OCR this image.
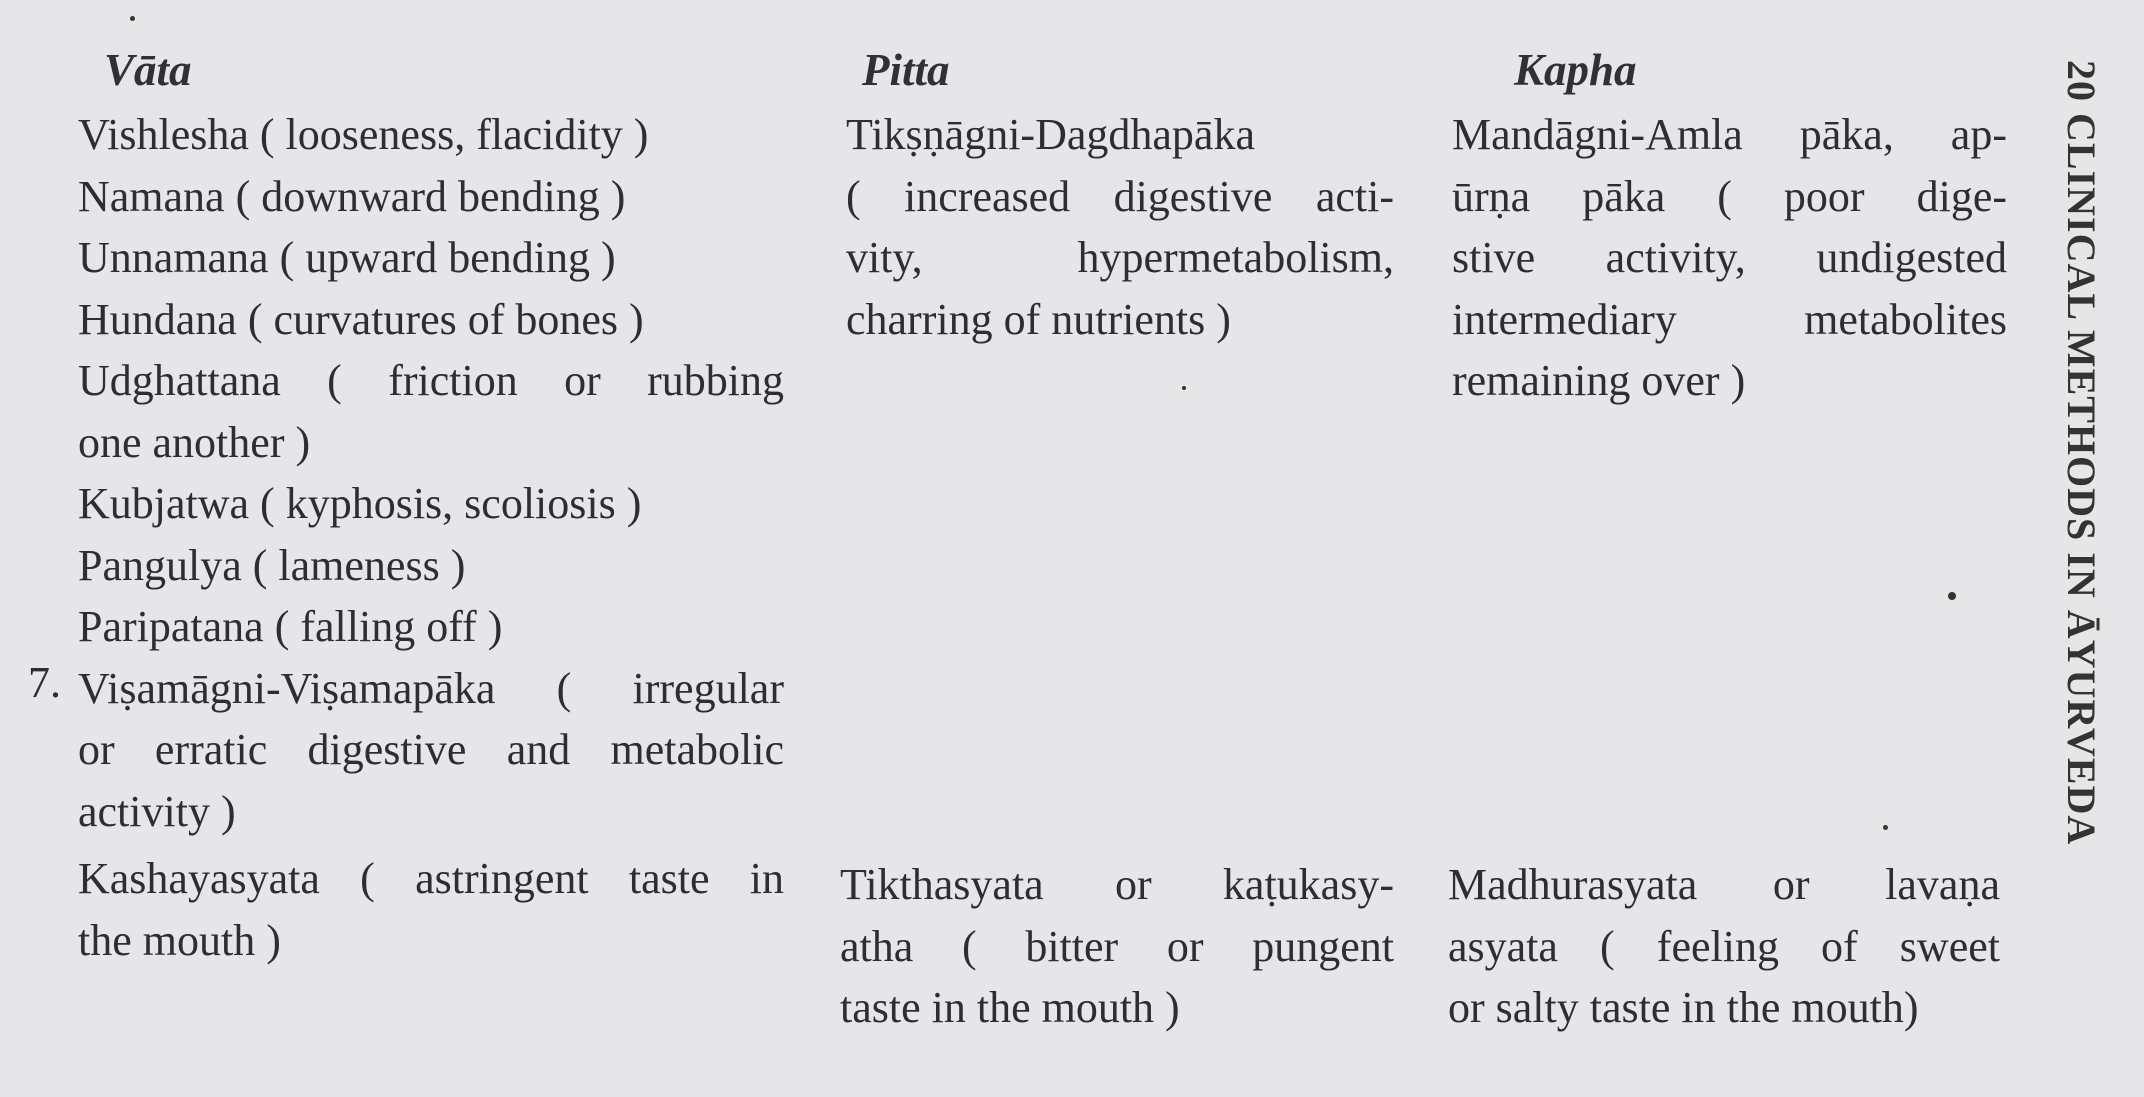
Vāta	Pitta	Kapha
Vishlesha ( looseness, flacidity )
Namana ( downward bending )
Unnamana ( upward bending )
Hundana ( curvatures of bones )
Udghattana ( friction or rubbing
one another )
Kubjatwa ( kyphosis, scoliosis )
Pangulya ( lameness )
Paripatana ( falling off )
Viṣamāgni-Viṣamapāka ( irregular
or erratic digestive and metabolic
activity )
7.
Tikṣṇāgni-Dagdhapāka
( increased digestive acti-
vity, hypermetabolism,
charring of nutrients )
Mandāgni-Amla pāka, ap-
ūrṇa pāka ( poor dige-
stive activity, undigested
intermediary metabolites
remaining over )
Kashayasyata ( astringent taste in
the mouth )
Tikthasyata or kaṭukasy-
atha ( bitter or pungent
taste in the mouth )
Madhurasyata or lavaṇa
asyata ( feeling of sweet
or salty taste in the mouth)
20 CLINICAL METHODS IN ĀYURVEDA
